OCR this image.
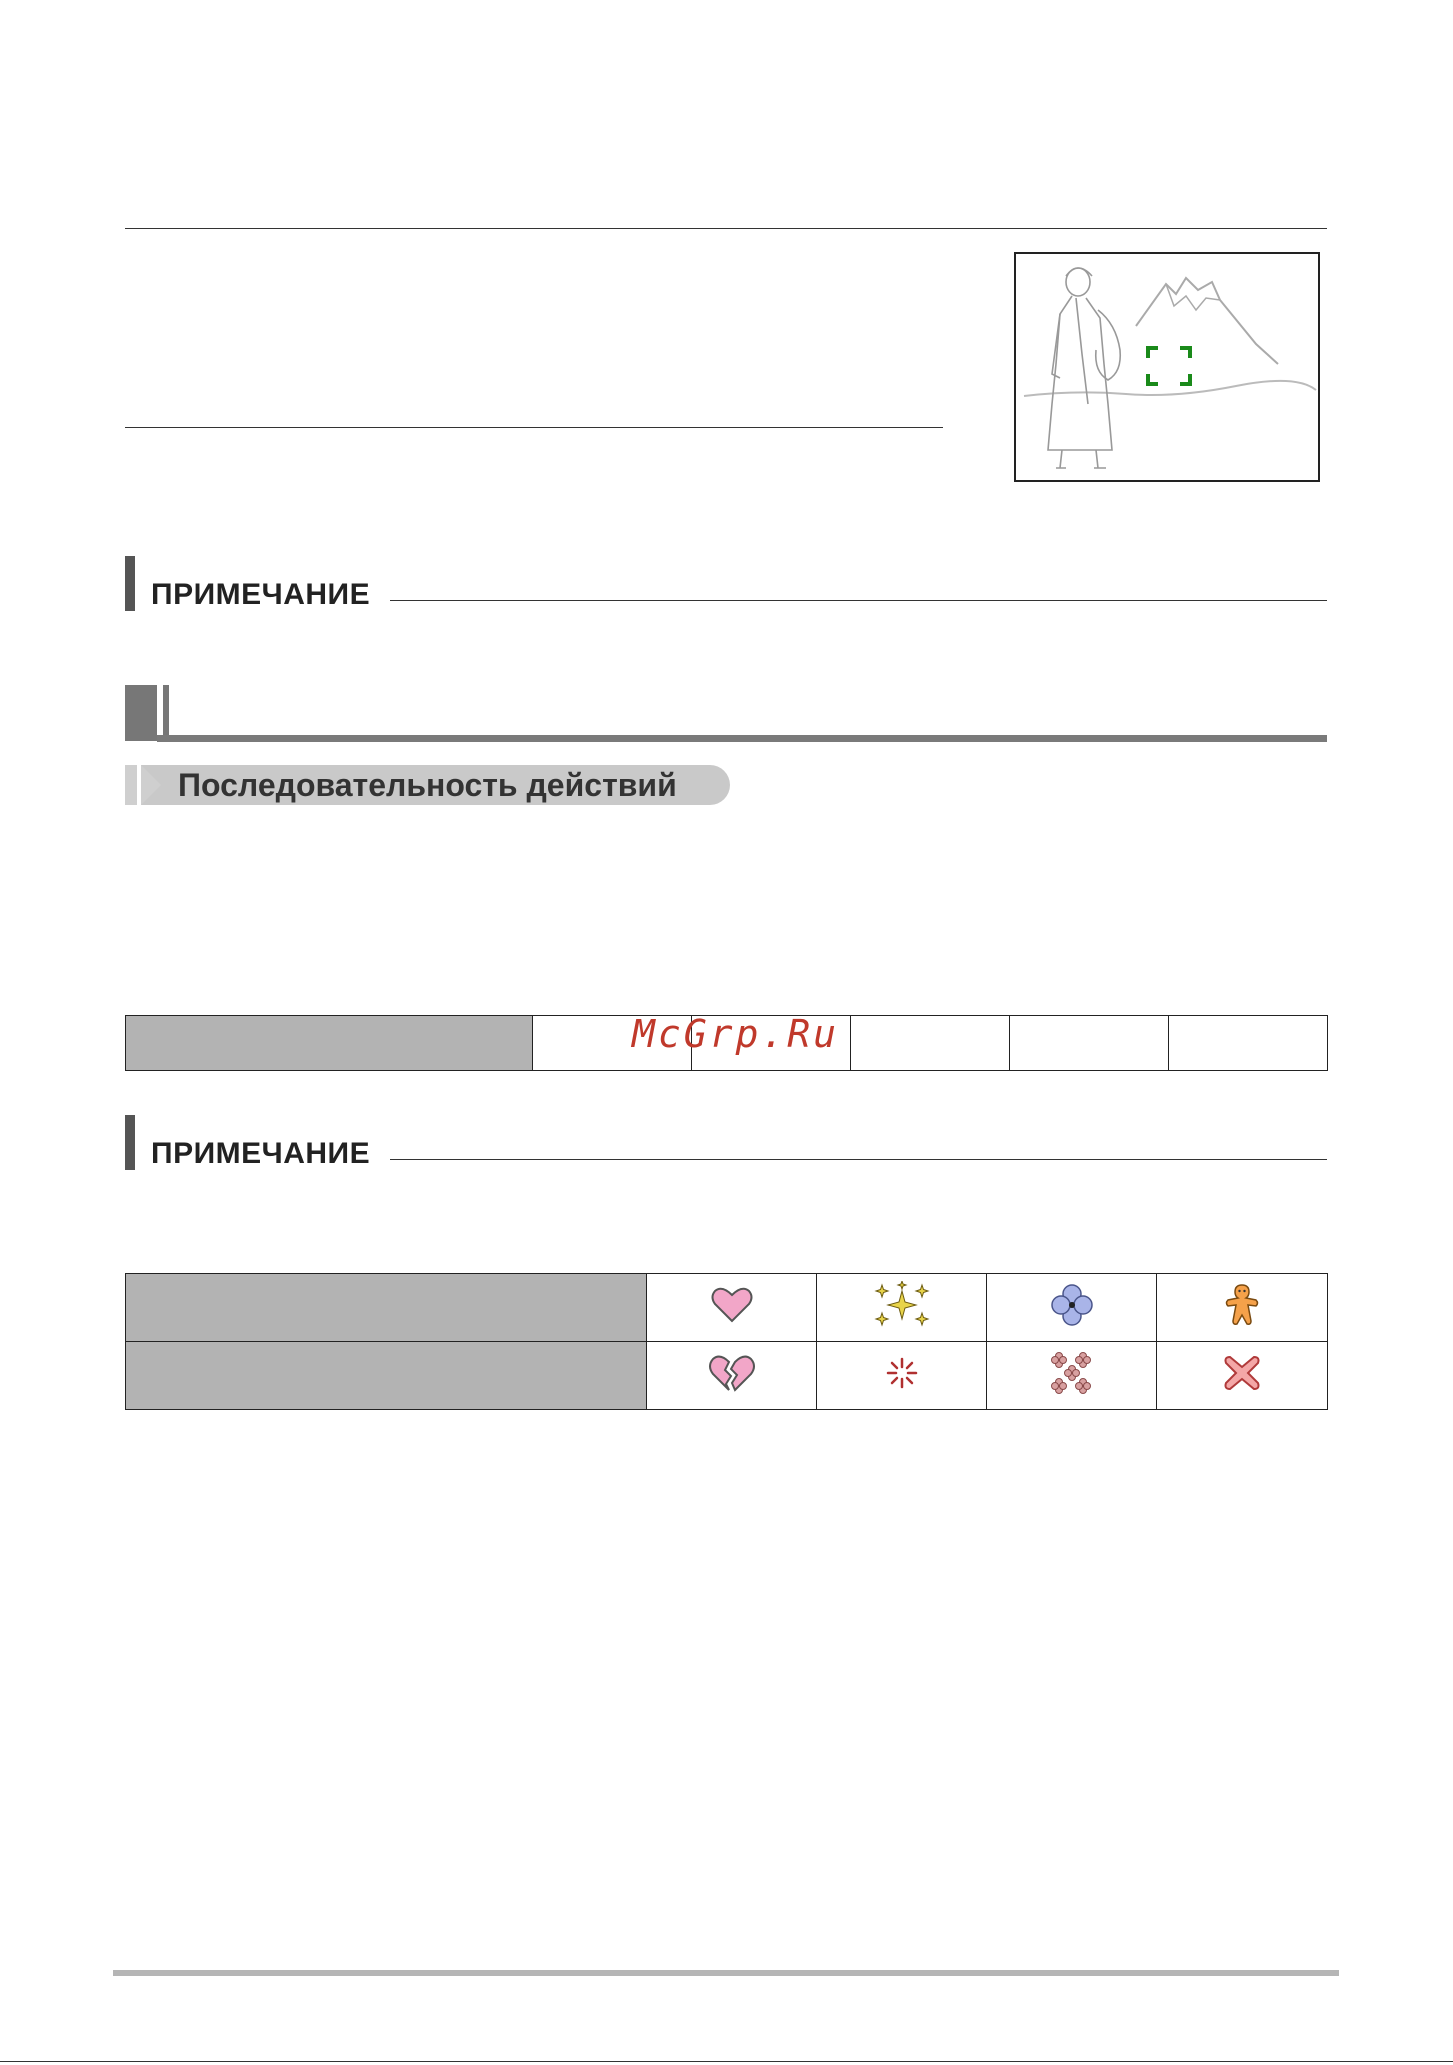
ПРИМЕЧАНИЕ
Последовательность действий

McGrp.Ru
ПРИМЕЧАНИЕ
